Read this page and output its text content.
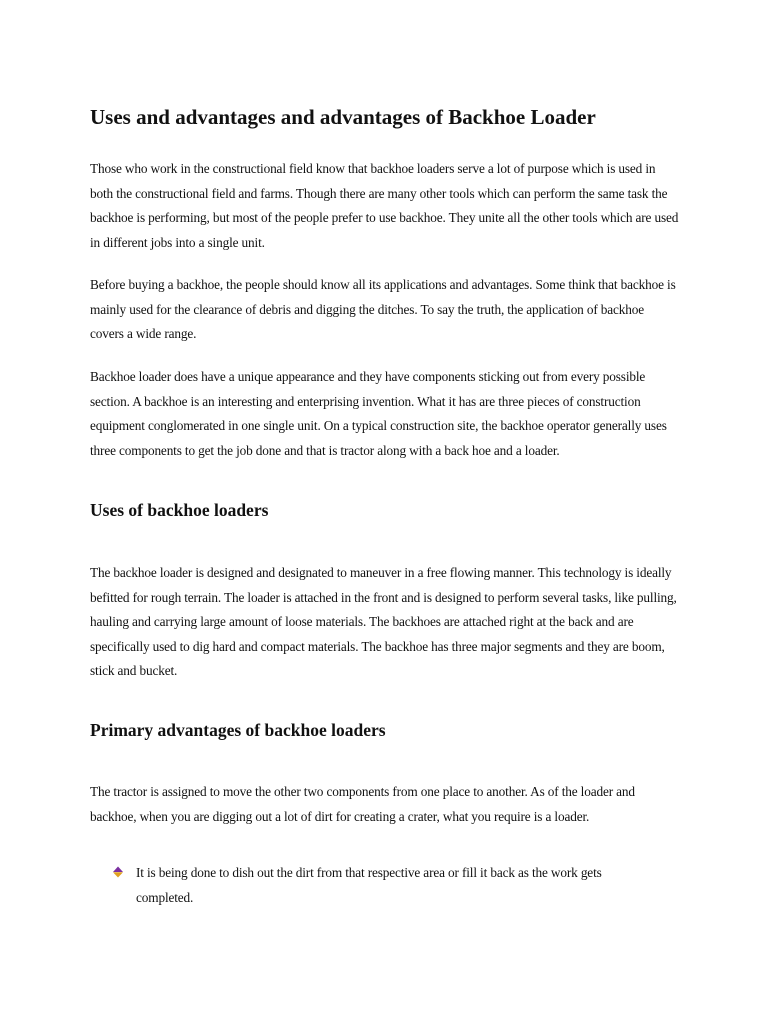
Uses and advantages and advantages of Backhoe Loader

Those who work in the constructional field know that backhoe loaders serve a lot of purpose which is used in both the constructional field and farms. Though there are many other tools which can perform the same task the backhoe is performing, but most of the people prefer to use backhoe. They unite all the other tools which are used in different jobs into a single unit.

Before buying a backhoe, the people should know all its applications and advantages. Some think that backhoe is mainly used for the clearance of debris and digging the ditches. To say the truth, the application of backhoe covers a wide range.

Backhoe loader does have a unique appearance and they have components sticking out from every possible section. A backhoe is an interesting and enterprising invention. What it has are three pieces of construction equipment conglomerated in one single unit. On a typical construction site, the backhoe operator generally uses three components to get the job done and that is tractor along with a back hoe and a loader.

Uses of backhoe loaders

The backhoe loader is designed and designated to maneuver in a free flowing manner. This technology is ideally befitted for rough terrain. The loader is attached in the front and is designed to perform several tasks, like pulling, hauling and carrying large amount of loose materials. The backhoes are attached right at the back and are specifically used to dig hard and compact materials. The backhoe has three major segments and they are boom, stick and bucket.

Primary advantages of backhoe loaders

The tractor is assigned to move the other two components from one place to another. As of the loader and backhoe, when you are digging out a lot of dirt for creating a crater, what you require is a loader.

It is being done to dish out the dirt from that respective area or fill it back as the work gets completed.
